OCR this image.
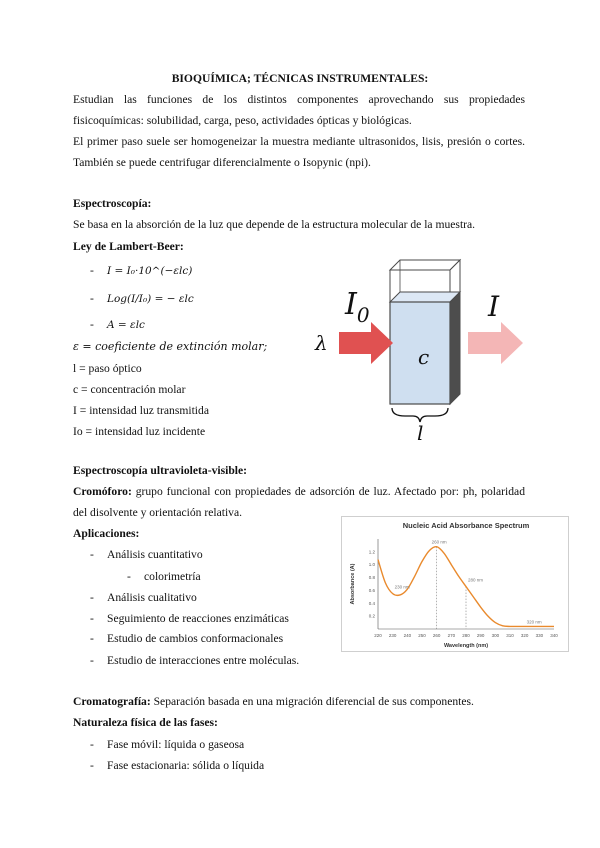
BIOQUÍMICA; TÉCNICAS INSTRUMENTALES:
Estudian las funciones de los distintos componentes aprovechando sus propiedades fisicoquímicas: solubilidad, carga, peso, actividades ópticas y biológicas.
El primer paso suele ser homogeneizar la muestra mediante ultrasonidos, lisis, presión o cortes. También se puede centrifugar diferencialmente o Isopynic (npi).
Espectroscopía:
Se basa en la absorción de la luz que depende de la estructura molecular de la muestra.
Ley de Lambert-Beer:
- I = I₀·10^(−εlc)
- Log(I/I₀) = − εlc
- A = εlc
ε = coeficiente de extinción molar;
l = paso óptico
c = concentración molar
I = intensidad luz transmitida
Io = intensidad luz incidente
λ
$I_0$	I
c
l
Espectroscopía ultravioleta-visible:
Cromóforo: grupo funcional con propiedades de adsorción de luz. Afectado por: ph, polaridad del disolvente y orientación relativa.
Aplicaciones:
- Análisis cuantitativo
- colorimetría
- Análisis cualitativo
- Seguimiento de reacciones enzimáticas
- Estudio de cambios conformacionales
- Estudio de interacciones entre moléculas.
Nucleic Acid Absorbance Spectrum
220 230 240 250 260 270 280 290 300 310 320 330 340
0.2
0.4
0.6
0.8
1.0
1.2
Wavelength (nm)
Absorbance (A)	230 nm
260 nm
280 nm
320 nm
Cromatografía: Separación basada en una migración diferencial de sus componentes.
Naturaleza física de las fases:
- Fase móvil: líquida o gaseosa
- Fase estacionaria: sólida o líquida
